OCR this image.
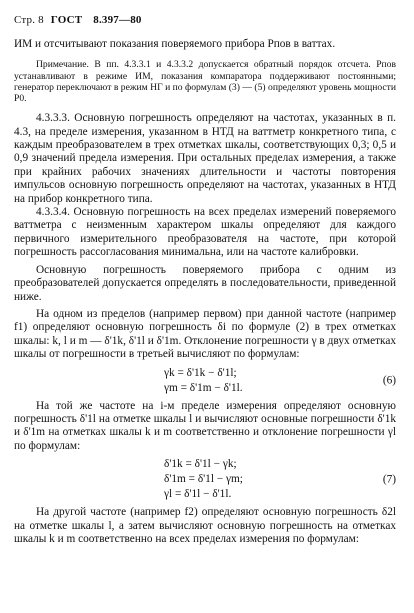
Стр. 8 ГОСТ 8.397—80

ИМ и отсчитывают показания поверяемого прибора Pпов в ваттах.

Примечание. В пп. 4.3.3.1 и 4.3.3.2 допускается обратный порядок отсчета. Pпов устанавливают в режиме ИМ, показания компаратора поддерживают постоянными; генератор переключают в режим НГ и по формулам (3) — (5) определяют уровень мощности P0.

4.3.3.3. Основную погрешность определяют на частотах, указанных в п. 4.3, на пределе измерения, указанном в НТД на ваттметр конкретного типа, с каждым преобразователем в трех отметках шкалы, соответствующих 0,3; 0,5 и 0,9 значений предела измерения. При остальных пределах измерения, а также при крайних рабочих значениях длительности и частоты повторения импульсов основную погрешность определяют на частотах, указанных в НТД на прибор конкретного типа.

4.3.3.4. Основную погрешность на всех пределах измерений поверяемого ваттметра с неизменным характером шкалы определяют для каждого первичного измерительного преобразователя на частоте, при которой погрешность рассогласования минимальна, или на частоте калибровки.

Основную погрешность поверяемого прибора с одним из преобразователей допускается определять в последовательности, приведенной ниже.

На одном из пределов (например первом) при данной частоте (например f1) определяют основную погрешность δi по формуле (2) в трех отметках шкалы: k, l и m — δ'1k, δ'1l и δ'1m. Отклонение погрешности γ в двух отметках шкалы от погрешности в третьей вычисляют по формулам:

γk = δ'1k − δ'1l;
γm = δ'1m − δ'1l.
(6)

На той же частоте на i-м пределе измерения определяют основную погрешность δ'1l на отметке шкалы l и вычисляют основные погрешности δ'1k и δ'1m на отметках шкалы k и m соответственно и отклонение погрешности γl по формулам:

δ'1k = δ'1l − γk;
δ'1m = δ'1l − γm;
γl = δ'1l − δ'1l.
(7)

На другой частоте (например f2) определяют основную погрешность δ2l на отметке шкалы l, а затем вычисляют основную погрешность на отметках шкалы k и m соответственно на всех пределах измерения по формулам:
